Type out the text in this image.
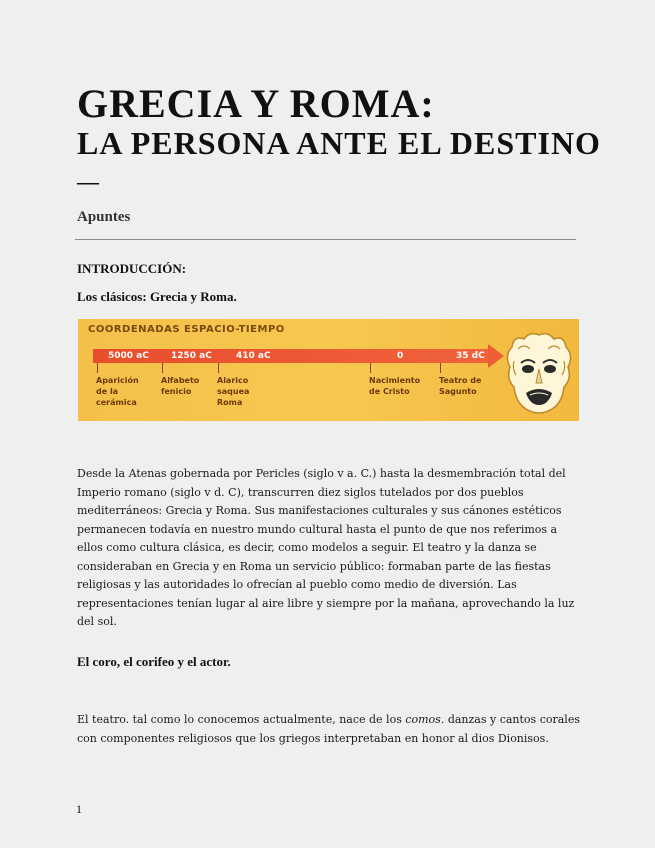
GRECIA Y ROMA:
LA PERSONA ANTE EL DESTINO
—
Apuntes
INTRODUCCIÓN:
Los clásicos: Grecia y Roma.
COORDENADAS ESPACIO-TIEMPO
5000 aC 1250 aC	410 aC	0	35 dC
Aparición
de la
cerámica
Alfabeto
fenicio
Alarico
saquea
Roma
Nacimiento
de Cristo
Teatro de
Sagunto

Desde la Atenas gobernada por Pericles (siglo v a. C.) hasta la desmembración total del Imperio romano (siglo v d. C), transcurren diez siglos tutelados por dos pueblos mediterráneos: Grecia y Roma. Sus manifestaciones culturales y sus cánones estéticos permanecen todavía en nuestro mundo cultural hasta el punto de que nos referimos a ellos como cultura clásica, es decir, como modelos a seguir. El teatro y la danza se consideraban en Grecia y en Roma un servicio público: formaban parte de las fiestas religiosas y las autoridades lo ofrecían al pueblo como medio de diversión. Las representaciones tenían lugar al aire libre y siempre por la mañana, aprovechando la luz del sol.

El coro, el corifeo y el actor.

El teatro. tal como lo conocemos actualmente, nace de los comos. danzas y cantos corales con componentes religiosos que los griegos interpretaban en honor al dios Dionisos.

1
